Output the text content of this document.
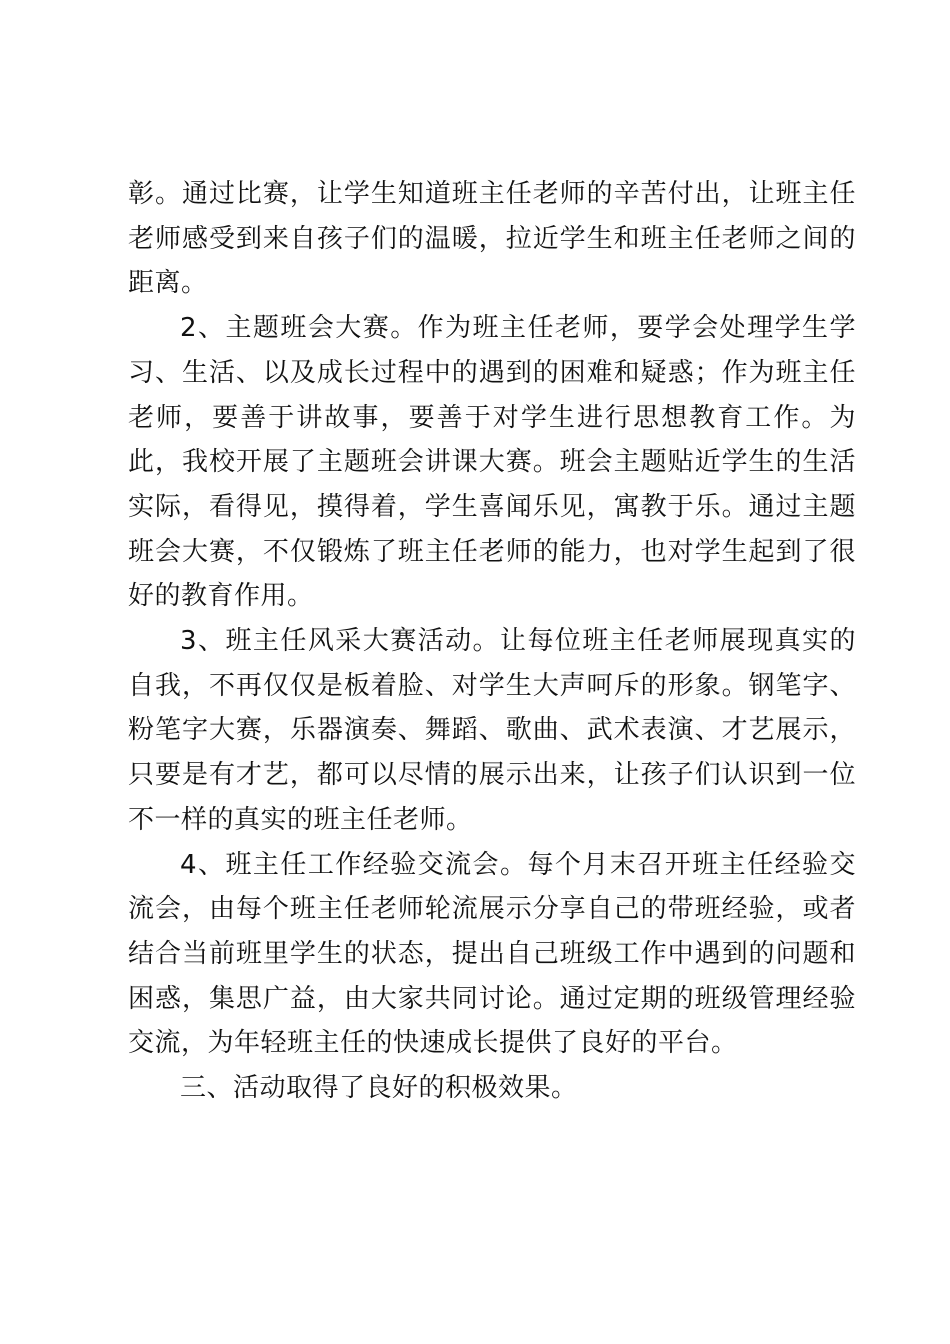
彰。通过比赛，让学生知道班主任老师的辛苦付出，让班主任老师感受到来自孩子们的温暖，拉近学生和班主任老师之间的距离。

2、主题班会大赛。作为班主任老师，要学会处理学生学习、生活、以及成长过程中的遇到的困难和疑惑；作为班主任老师，要善于讲故事，要善于对学生进行思想教育工作。为此，我校开展了主题班会讲课大赛。班会主题贴近学生的生活实际，看得见，摸得着，学生喜闻乐见，寓教于乐。通过主题班会大赛，不仅锻炼了班主任老师的能力，也对学生起到了很好的教育作用。

3、班主任风采大赛活动。让每位班主任老师展现真实的自我，不再仅仅是板着脸、对学生大声呵斥的形象。钢笔字、粉笔字大赛，乐器演奏、舞蹈、歌曲、武术表演、才艺展示，只要是有才艺，都可以尽情的展示出来，让孩子们认识到一位不一样的真实的班主任老师。

4、班主任工作经验交流会。每个月末召开班主任经验交流会，由每个班主任老师轮流展示分享自己的带班经验，或者结合当前班里学生的状态，提出自己班级工作中遇到的问题和困惑，集思广益，由大家共同讨论。通过定期的班级管理经验交流，为年轻班主任的快速成长提供了良好的平台。

三、活动取得了良好的积极效果。
